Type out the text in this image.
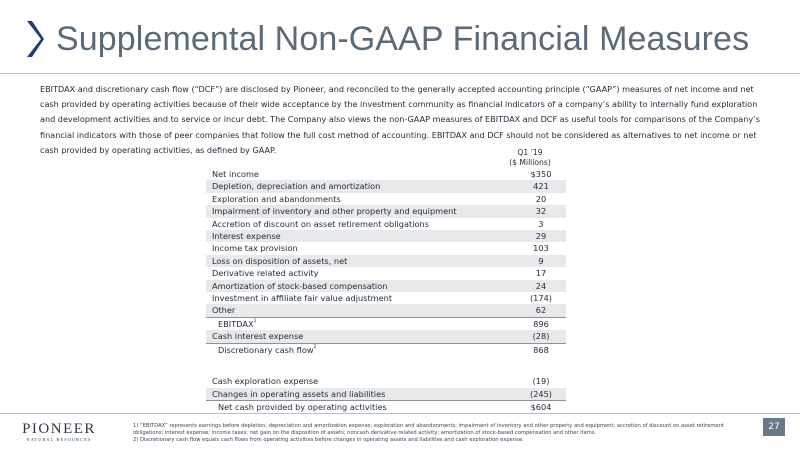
Supplemental Non-GAAP Financial Measures

EBITDAX and discretionary cash flow (“DCF”) are disclosed by Pioneer, and reconciled to the generally accepted accounting principle (“GAAP”) measures of net income and net cash provided by operating activities because of their wide acceptance by the investment community as financial indicators of a company’s ability to internally fund exploration and development activities and to service or incur debt. The Company also views the non-GAAP measures of EBITDAX and DCF as useful tools for comparisons of the Company’s financial indicators with those of peer companies that follow the full cost method of accounting. EBITDAX and DCF should not be considered as alternatives to net income or net cash provided by operating activities, as defined by GAAP.	Q1 ’19
($ Millions)
Net income	$350
Depletion, depreciation and amortization	421
Exploration and abandonments	20
Impairment of inventory and other property and equipment	32
Accretion of discount on asset retirement obligations	3
Interest expense	29
Income tax provision	103
Loss on disposition of assets, net	9
Derivative related activity	17
Amortization of stock-based compensation	24
Investment in affiliate fair value adjustment	(174)
Other	62
EBITDAX$^1$	896
Cash interest expense	(28)
Discretionary cash flow$^2$	868

Cash exploration expense	(19)
Changes in operating assets and liabilities	(245)
Net cash provided by operating activities	$604
PIONEER
NATURAL RESOURCES

1) “EBITDAX” represents earnings before depletion, depreciation and amortization expense; exploration and abandonments; impairment of inventory and other property and equipment; accretion of discount on asset retirement obligations; interest expense; income taxes; net gain on the disposition of assets; noncash derivative related activity; amortization of stock-based compensation and other items.

2) Discretionary cash flow equals cash flows from operating activities before changes in operating assets and liabilities and cash exploration expense.

27
